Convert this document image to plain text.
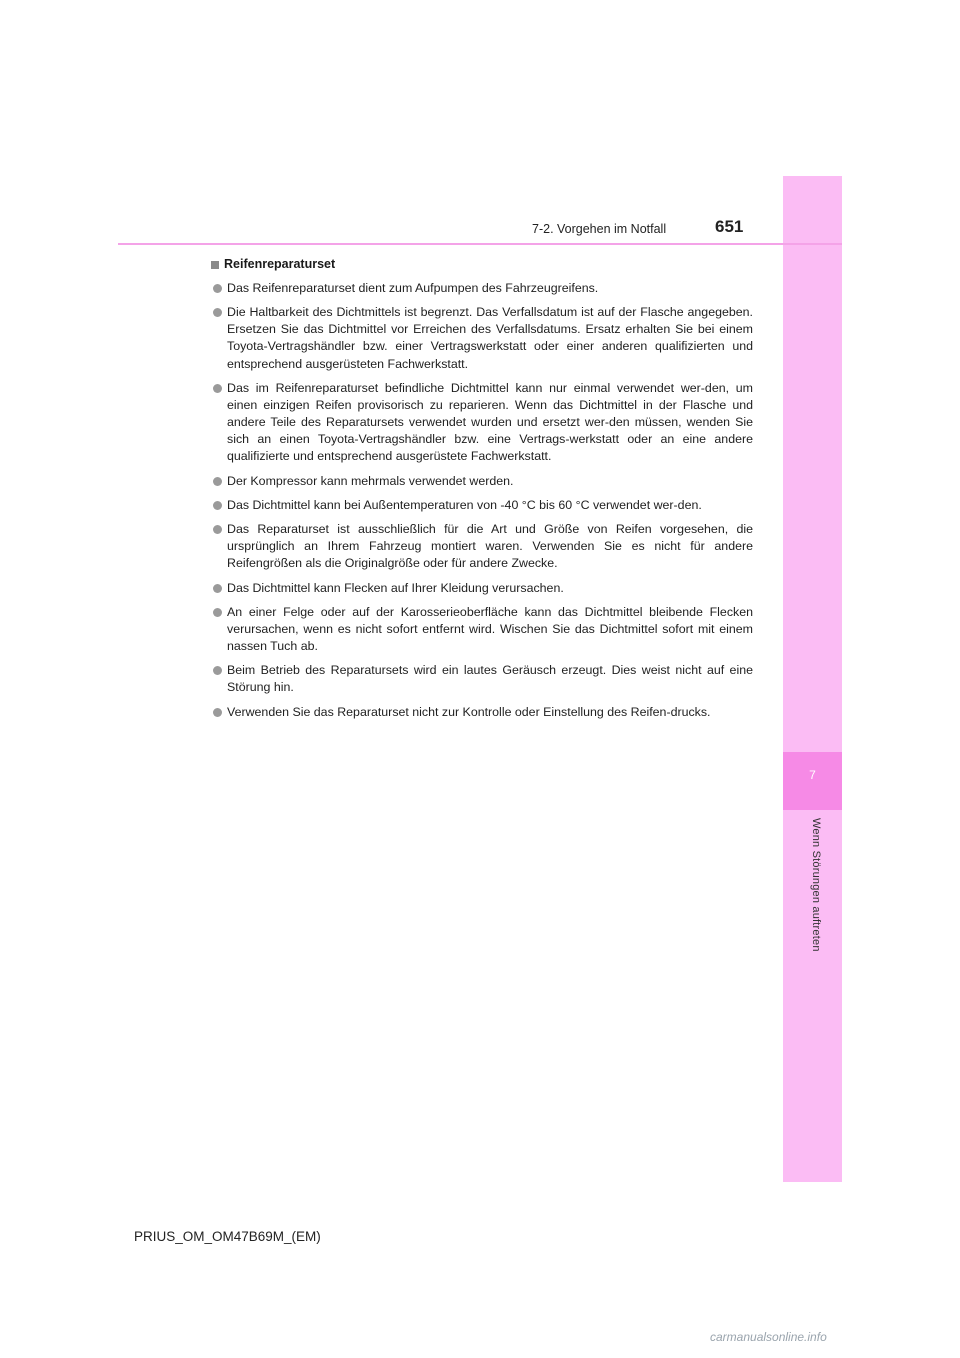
7
Wenn Störungen auftreten
7-2. Vorgehen im Notfall	651
Reifenreparaturset
Das Reifenreparaturset dient zum Aufpumpen des Fahrzeugreifens.
Die Haltbarkeit des Dichtmittels ist begrenzt. Das Verfallsdatum ist auf der Flasche angegeben. Ersetzen Sie das Dichtmittel vor Erreichen des Verfallsdatums. Ersatz erhalten Sie bei einem Toyota-Vertragshändler bzw. einer Vertragswerkstatt oder einer anderen qualifizierten und entsprechend ausgerüsteten Fachwerkstatt.
Das im Reifenreparaturset befindliche Dichtmittel kann nur einmal verwendet wer-den, um einen einzigen Reifen provisorisch zu reparieren. Wenn das Dichtmittel in der Flasche und andere Teile des Reparatursets verwendet wurden und ersetzt wer-den müssen, wenden Sie sich an einen Toyota-Vertragshändler bzw. eine Vertrags-werkstatt oder an eine andere qualifizierte und entsprechend ausgerüstete Fachwerkstatt.
Der Kompressor kann mehrmals verwendet werden.
Das Dichtmittel kann bei Außentemperaturen von -40 °C bis 60 °C verwendet wer-den.
Das Reparaturset ist ausschließlich für die Art und Größe von Reifen vorgesehen, die ursprünglich an Ihrem Fahrzeug montiert waren. Verwenden Sie es nicht für andere Reifengrößen als die Originalgröße oder für andere Zwecke.
Das Dichtmittel kann Flecken auf Ihrer Kleidung verursachen.
An einer Felge oder auf der Karosserieoberfläche kann das Dichtmittel bleibende Flecken verursachen, wenn es nicht sofort entfernt wird. Wischen Sie das Dichtmittel sofort mit einem nassen Tuch ab.
Beim Betrieb des Reparatursets wird ein lautes Geräusch erzeugt. Dies weist nicht auf eine Störung hin.
Verwenden Sie das Reparaturset nicht zur Kontrolle oder Einstellung des Reifen-drucks.
PRIUS_OM_OM47B69M_(EM)
carmanualsonline.info
